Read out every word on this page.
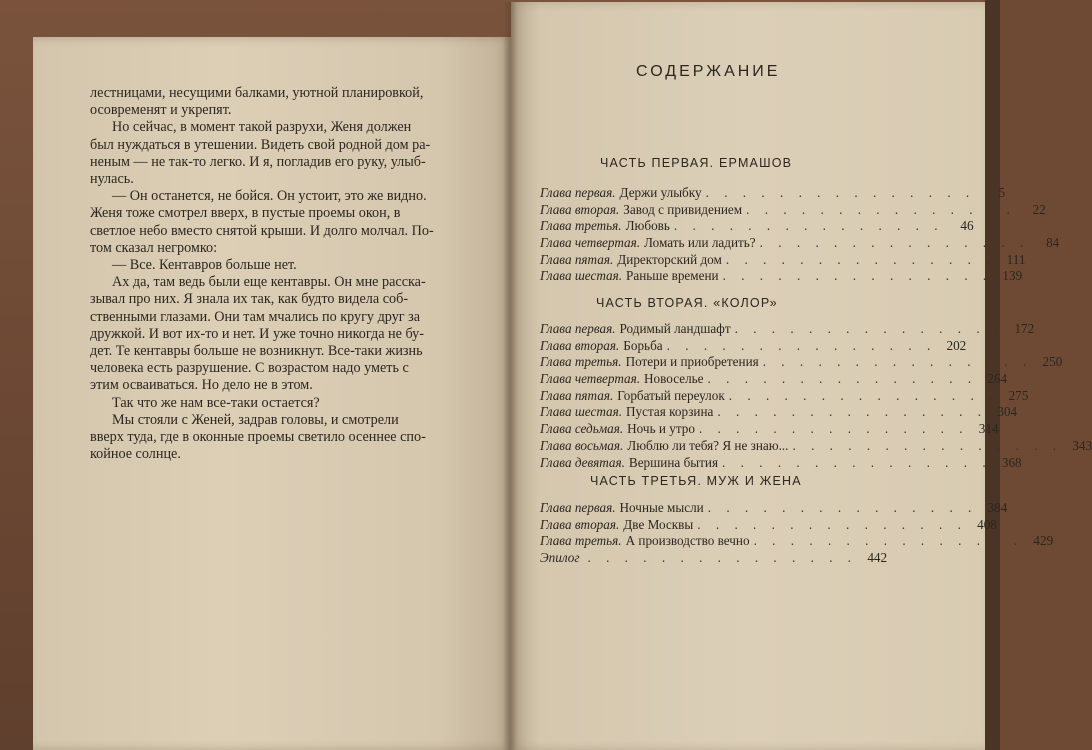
лестницами, несущими балками, уютной планировкой,
осовременят и укрепят.
Но сейчас, в момент такой разрухи, Женя должен
был нуждаться в утешении. Видеть свой родной дом ра-
неным — не так-то легко. И я, погладив его руку, улыб-
нулась.
— Он останется, не бойся. Он устоит, это же видно.
Женя тоже смотрел вверх, в пустые проемы окон, в
светлое небо вместо снятой крыши. И долго молчал. По-
том сказал негромко:
— Все. Кентавров больше нет.
Ах да, там ведь были еще кентавры. Он мне расска-
зывал про них. Я знала их так, как будто видела соб-
ственными глазами. Они там мчались по кругу друг за
дружкой. И вот их-то и нет. И уже точно никогда не бу-
дет. Те кентавры больше не возникнут. Все-таки жизнь
человека есть разрушение. С возрастом надо уметь с
этим осваиваться. Но дело не в этом.
Так что же нам все-таки остается?
Мы стояли с Женей, задрав головы, и смотрели
вверх туда, где в оконные проемы светило осеннее спо-
койное солнце.
СОДЕРЖАНИЕ
ЧАСТЬ ПЕРВАЯ. ЕРМАШОВ
Глава первая. Держи улыбку . . . . . . . . . . . . . . .	5
Глава вторая. Завод с привидением . . . . . . . . . . . . . . .	22
Глава третья. Любовь . . . . . . . . . . . . . . .	46
Глава четвертая. Ломать или ладить? . . . . . . . . . . . . . . .	84
Глава пятая. Директорский дом . . . . . . . . . . . . . . . 111
Глава шестая. Раньше времени . . . . . . . . . . . . . . . 139
ЧАСТЬ ВТОРАЯ. «КОЛОР»
Глава первая. Родимый ландшафт . . . . . . . . . . . . . . . 172
Глава вторая. Борьба . . . . . . . . . . . . . . . 202
Глава третья. Потери и приобретения . . . . . . . . . . . . . . . 250
Глава четвертая. Новоселье . . . . . . . . . . . . . . . 264
Глава пятая. Горбатый переулок . . . . . . . . . . . . . . . 275
Глава шестая. Пустая корзина . . . . . . . . . . . . . . . 304
Глава седьмая. Ночь и утро . . . . . . . . . . . . . . . 314
Глава восьмая. Люблю ли тебя? Я не знаю... . . . . . . . . . . . . . . . 343
Глава девятая. Вершина бытия . . . . . . . . . . . . . . . 368
ЧАСТЬ ТРЕТЬЯ. МУЖ И ЖЕНА
Глава первая. Ночные мысли . . . . . . . . . . . . . . . 384
Глава вторая. Две Москвы . . . . . . . . . . . . . . . 408
Глава третья. А производство вечно . . . . . . . . . . . . . . . 429
Эпилог . . . . . . . . . . . . . . . 442
www.ay.by
